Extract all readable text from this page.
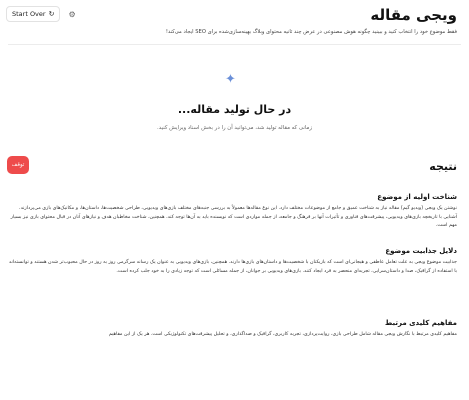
Start Over ↻ ⚙	ویجی مقاله
فقط موضوع خود را انتخاب کنید و ببینید چگونه هوش مصنوعی در عرض چند ثانیه محتوای وبلاگ بهینه‌سازی‌شده برای SEO ایجاد می‌کند!
✦
در حال تولید مقاله...
زمانی که مقاله تولید شد، می‌توانید آن را در بخش اسناد ویرایش کنید.
توقف	نتیجه
شناخت اولیه از موضوع
نوشتن یک ویجی (ویدیو گیم) مقاله نیاز به شناخت عمیق و جامع از موضوعات مختلف دارد. این نوع مقاله‌ها معمولاً به بررسی جنبه‌های مختلف بازی‌های ویدیویی، طراحی شخصیت‌ها، داستان‌ها، و مکانیک‌های بازی می‌پردازند. آشنایی با تاریخچه بازی‌های ویدیویی، پیشرفت‌های فناوری و تأثیرات آنها بر فرهنگ و جامعه، از جمله مواردی است که نویسنده باید به آن‌ها توجه کند. همچنین، شناخت مخاطبان هدف و نیازهای آنان در قبال محتوای بازی نیز بسیار مهم است.
دلایل جذابیت موضوع
جذابیت موضوع ویجی به علت تعامل عاطفی و هیجانی‌ای است که بازیکنان با شخصیت‌ها و داستان‌های بازی‌ها دارند. همچنین، بازی‌های ویدیویی به عنوان یک رسانه سرگرمی روز به روز در حال محبوب‌تر شدن هستند و توانسته‌اند با استفاده از گرافیک، صدا و داستان‌سرایی، تجربه‌ای منحصر به فرد ایجاد کنند. بازی‌های ویدیویی بر جوانان، از جمله مسائلی است که توجه زیادی را به خود جلب کرده است.
مفاهیم کلیدی مرتبط
مفاهیم کلیدی مرتبط با نگارش ویجی مقاله شامل طراحی بازی، روایت‌پردازی، تجربه کاربری، گرافیک و صداگذاری، و تحلیل پیشرفت‌های تکنولوژیکی است. هر یک از این مفاهیم
